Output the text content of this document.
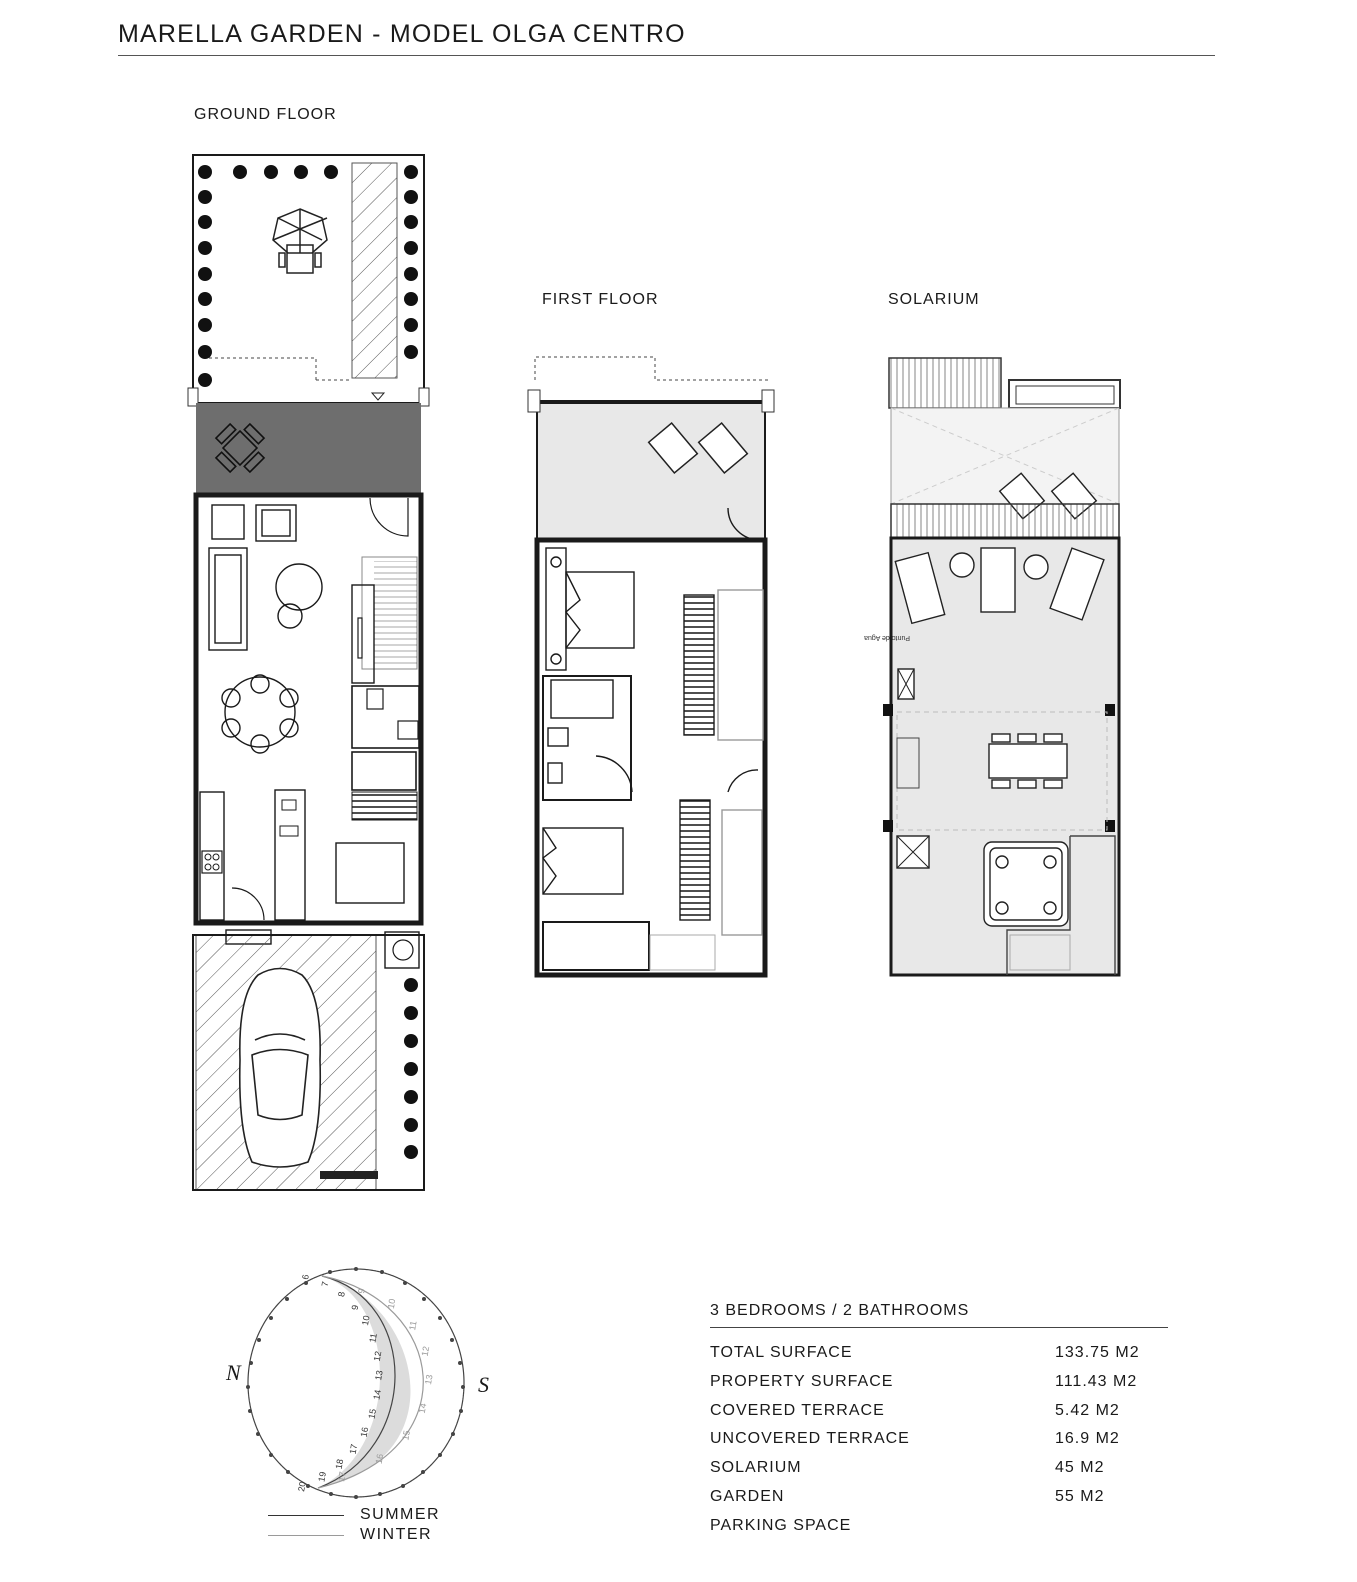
MARELLA GARDEN - MODEL OLGA CENTRO
GROUND FLOOR
FIRST FLOOR	SOLARIUM
Punto de Agua
6
7
8
9
10
11
12
13
14
15
16
17
18
19
20
9
10
11
12
13
14
15
16
17
N	S
SUMMER
WINTER
3 BEDROOMS / 2 BATHROOMS
TOTAL SURFACE	133.75 M2
PROPERTY SURFACE	111.43 M2
COVERED TERRACE	5.42 M2
UNCOVERED TERRACE	16.9 M2
SOLARIUM	45 M2
GARDEN	55 M2
PARKING SPACE
